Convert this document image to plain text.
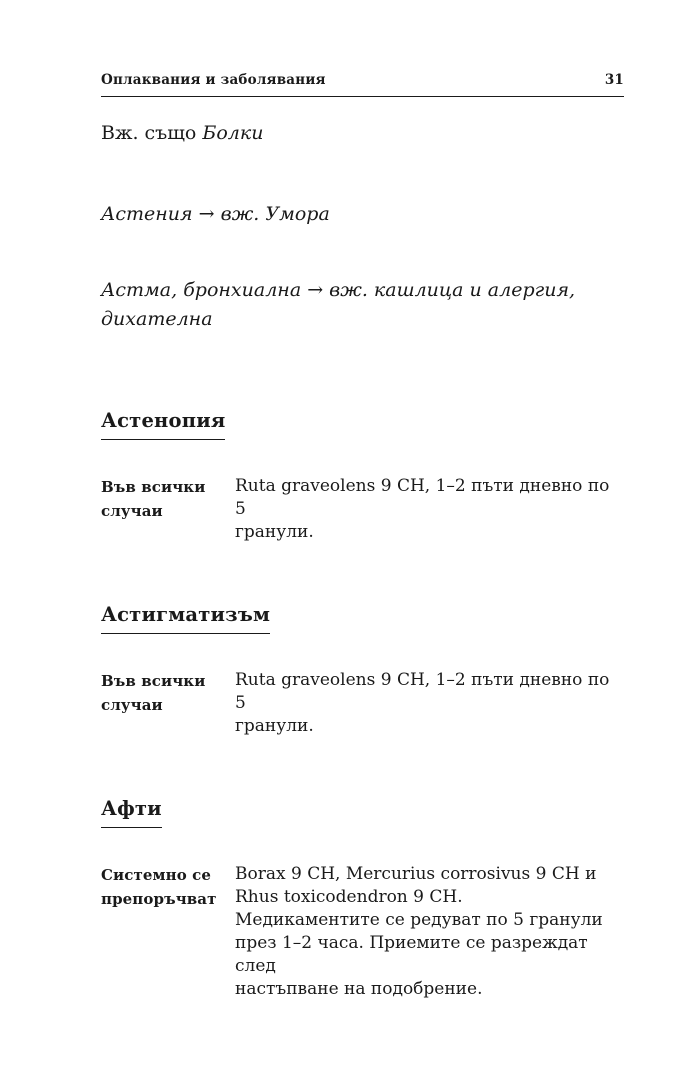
Оплаквания и заболявания	31
Вж. също Болки
Астения → вж. Умора
Астма, бронхиална → вж. кашлица и алергия,
дихателна
Астенопия
Във всички
случаи
Ruta graveolens 9 CH, 1–2 пъти дневно по 5
гранули.
Астигматизъм
Във всички
случаи
Ruta graveolens 9 CH, 1–2 пъти дневно по 5
гранули.
Афти
Системно се
препоръчват
Borax 9 CH, Mercurius corrosivus 9 CH и
Rhus toxicodendron 9 CH.
Медикаментите се редуват по 5 гранули
през 1–2 часа. Приемите се разреждат след
настъпване на подобрение.
